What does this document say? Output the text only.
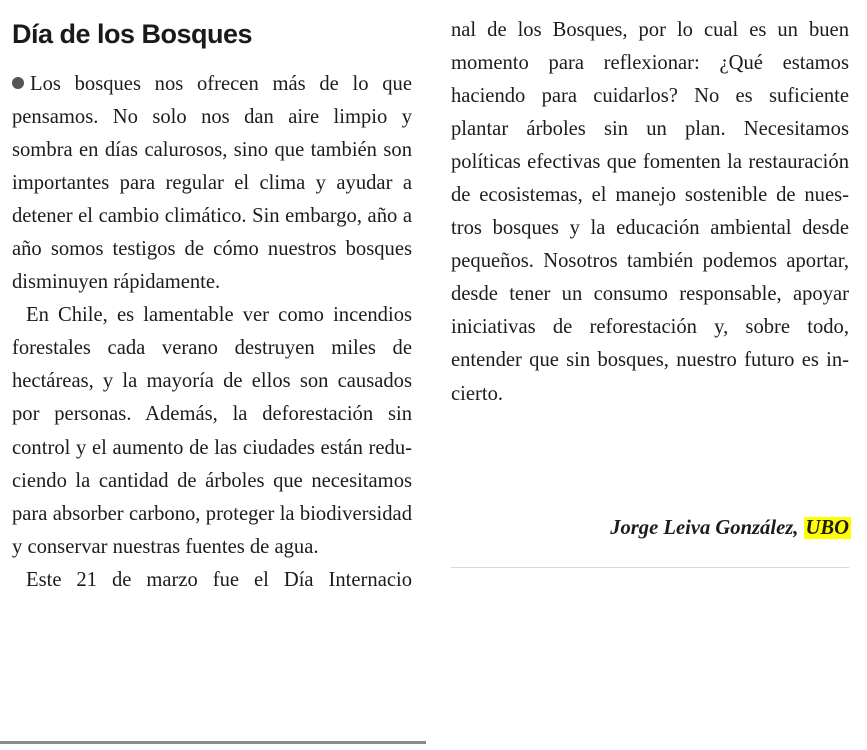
Día de los Bosques

Los bosques nos ofrecen más de lo que pensamos. No solo nos dan aire limpio y sombra en días calurosos, sino que también son importantes para regular el clima y ayudar a detener el cambio climático. Sin embargo, año a año somos testigos de cómo nuestros bosques disminuyen rápidamente.

En Chile, es lamentable ver como incendios forestales cada verano destruyen miles de hectáreas, y la mayoría de ellos son causados por personas. Además, la deforestación sin control y el aumento de las ciudades están reduciendo la cantidad de árboles que necesitamos para absorber carbono, proteger la biodiversidad y conservar nuestras fuentes de agua.

Este 21 de marzo fue el Día Internacio

nal de los Bosques, por lo cual es un buen momento para reflexionar: ¿Qué estamos haciendo para cuidarlos? No es suficiente plantar árboles sin un plan. Necesitamos políticas efectivas que fomenten la restauración de ecosistemas, el manejo sostenible de nuestros bosques y la educación ambiental desde pequeños. Nosotros también podemos aportar, desde tener un consumo responsable, apoyar iniciativas de reforestación y, sobre todo, entender que sin bosques, nuestro futuro es incierto.

Jorge Leiva González, UBO
